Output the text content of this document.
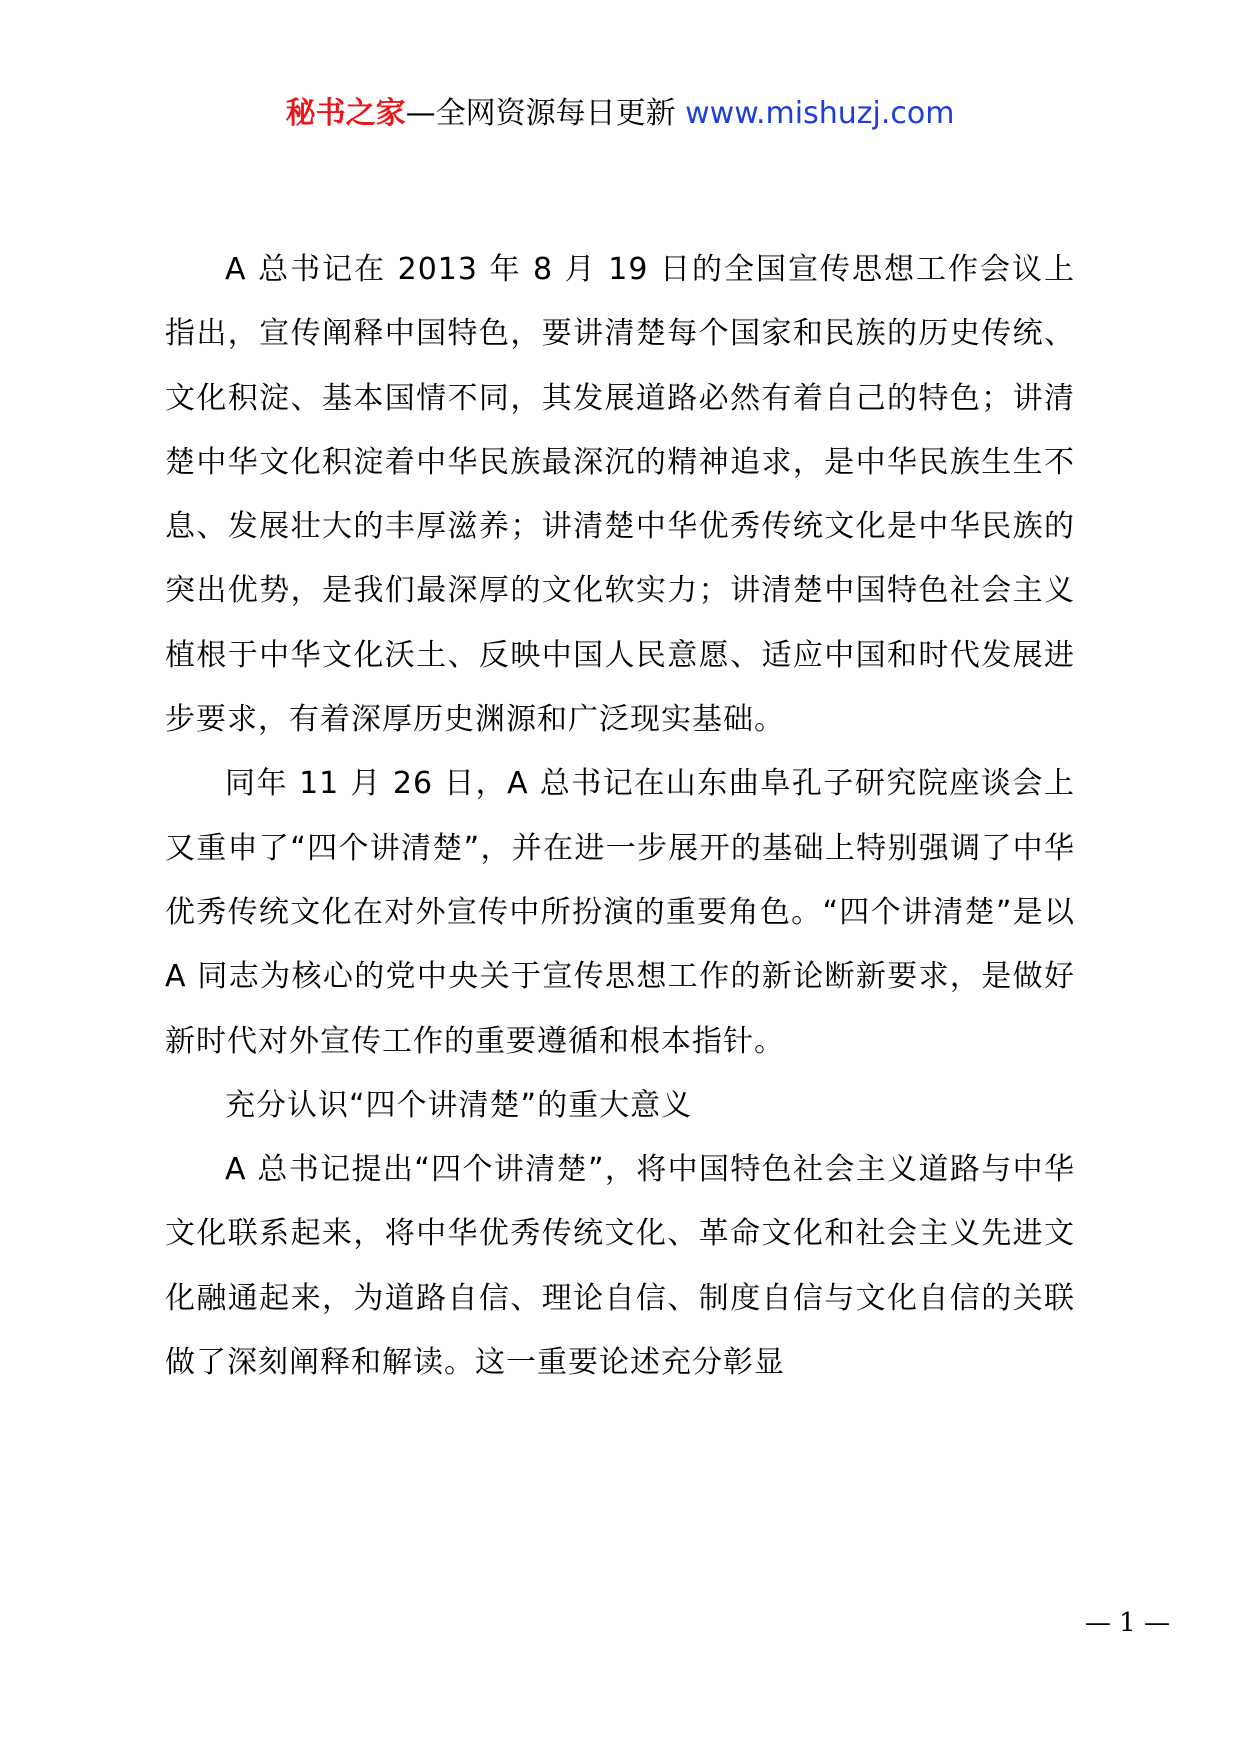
秘书之家—全网资源每日更新 www.mishuzj.com

A 总书记在 2013 年 8 月 19 日的全国宣传思想工作会议上指出，宣传阐释中国特色，要讲清楚每个国家和民族的历史传统、文化积淀、基本国情不同，其发展道路必然有着自己的特色；讲清楚中华文化积淀着中华民族最深沉的精神追求，是中华民族生生不息、发展壮大的丰厚滋养；讲清楚中华优秀传统文化是中华民族的突出优势，是我们最深厚的文化软实力；讲清楚中国特色社会主义植根于中华文化沃土、反映中国人民意愿、适应中国和时代发展进步要求，有着深厚历史渊源和广泛现实基础。

同年 11 月 26 日，A 总书记在山东曲阜孔子研究院座谈会上又重申了“四个讲清楚”，并在进一步展开的基础上特别强调了中华优秀传统文化在对外宣传中所扮演的重要角色。“四个讲清楚”是以 A 同志为核心的党中央关于宣传思想工作的新论断新要求，是做好新时代对外宣传工作的重要遵循和根本指针。

充分认识“四个讲清楚”的重大意义

A 总书记提出“四个讲清楚”，将中国特色社会主义道路与中华文化联系起来，将中华优秀传统文化、革命文化和社会主义先进文化融通起来，为道路自信、理论自信、制度自信与文化自信的关联做了深刻阐释和解读。这一重要论述充分彰显

— 1 —
